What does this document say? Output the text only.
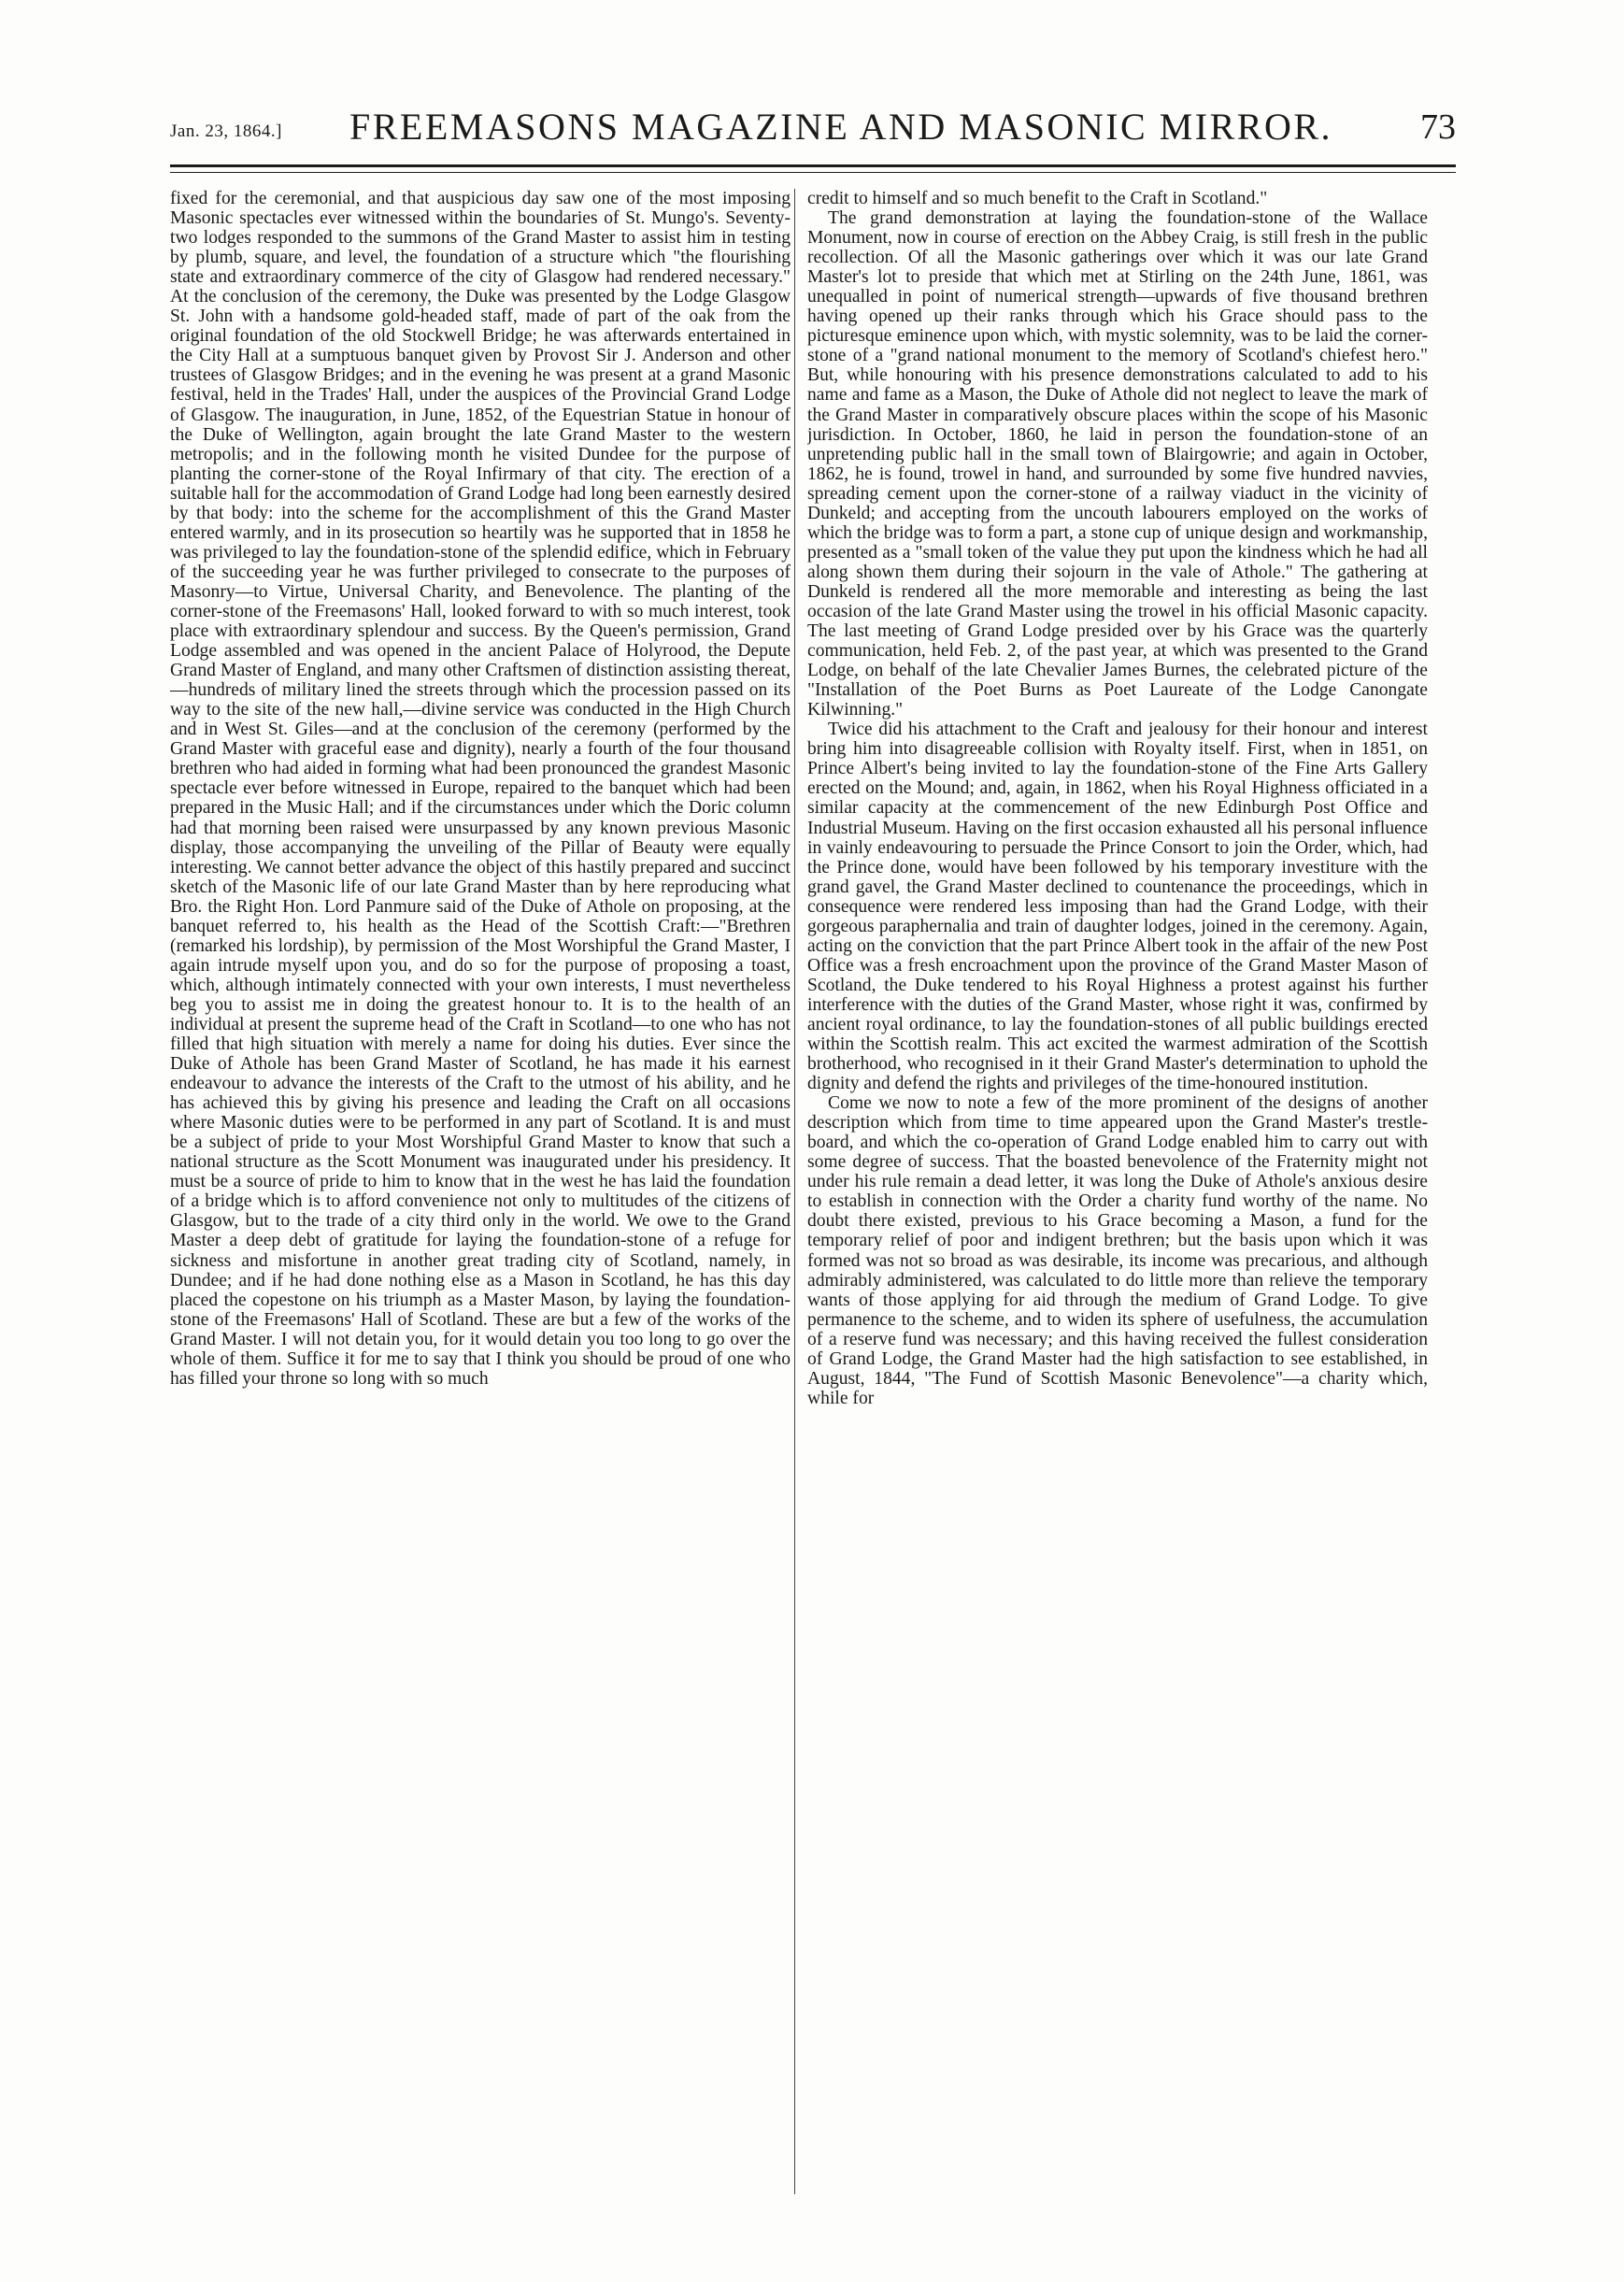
Jan. 23, 1864.]	FREEMASONS MAGAZINE AND MASONIC MIRROR.	73

fixed for the ceremonial, and that auspicious day saw one of the most imposing Masonic spectacles ever witnessed within the boundaries of St. Mungo's. Seventy-two lodges responded to the summons of the Grand Master to assist him in testing by plumb, square, and level, the foundation of a structure which "the flourishing state and extraordinary commerce of the city of Glasgow had rendered necessary." At the conclusion of the ceremony, the Duke was presented by the Lodge Glasgow St. John with a handsome gold-headed staff, made of part of the oak from the original foundation of the old Stockwell Bridge; he was afterwards entertained in the City Hall at a sumptuous banquet given by Provost Sir J. Anderson and other trustees of Glasgow Bridges; and in the evening he was present at a grand Masonic festival, held in the Trades' Hall, under the auspices of the Provincial Grand Lodge of Glasgow. The inauguration, in June, 1852, of the Equestrian Statue in honour of the Duke of Wellington, again brought the late Grand Master to the western metropolis; and in the following month he visited Dundee for the purpose of planting the corner-stone of the Royal Infirmary of that city. The erection of a suitable hall for the accommodation of Grand Lodge had long been earnestly desired by that body: into the scheme for the accomplishment of this the Grand Master entered warmly, and in its prosecution so heartily was he supported that in 1858 he was privileged to lay the foundation-stone of the splendid edifice, which in February of the succeeding year he was further privileged to consecrate to the purposes of Masonry—to Virtue, Universal Charity, and Benevolence. The planting of the corner-stone of the Freemasons' Hall, looked forward to with so much interest, took place with extraordinary splendour and success. By the Queen's permission, Grand Lodge assembled and was opened in the ancient Palace of Holyrood, the Depute Grand Master of England, and many other Craftsmen of distinction assisting thereat,—hundreds of military lined the streets through which the procession passed on its way to the site of the new hall,—divine service was conducted in the High Church and in West St. Giles—and at the conclusion of the ceremony (performed by the Grand Master with graceful ease and dignity), nearly a fourth of the four thousand brethren who had aided in forming what had been pronounced the grandest Masonic spectacle ever before witnessed in Europe, repaired to the banquet which had been prepared in the Music Hall; and if the circumstances under which the Doric column had that morning been raised were unsurpassed by any known previous Masonic display, those accompanying the unveiling of the Pillar of Beauty were equally interesting. We cannot better advance the object of this hastily prepared and succinct sketch of the Masonic life of our late Grand Master than by here reproducing what Bro. the Right Hon. Lord Panmure said of the Duke of Athole on proposing, at the banquet referred to, his health as the Head of the Scottish Craft:—"Brethren (remarked his lordship), by permission of the Most Worshipful the Grand Master, I again intrude myself upon you, and do so for the purpose of proposing a toast, which, although intimately connected with your own interests, I must nevertheless beg you to assist me in doing the greatest honour to. It is to the health of an individual at present the supreme head of the Craft in Scotland—to one who has not filled that high situation with merely a name for doing his duties. Ever since the Duke of Athole has been Grand Master of Scotland, he has made it his earnest endeavour to advance the interests of the Craft to the utmost of his ability, and he has achieved this by giving his presence and leading the Craft on all occasions where Masonic duties were to be performed in any part of Scotland. It is and must be a subject of pride to your Most Worshipful Grand Master to know that such a national structure as the Scott Monument was inaugurated under his presidency. It must be a source of pride to him to know that in the west he has laid the foundation of a bridge which is to afford convenience not only to multitudes of the citizens of Glasgow, but to the trade of a city third only in the world. We owe to the Grand Master a deep debt of gratitude for laying the foundation-stone of a refuge for sickness and misfortune in another great trading city of Scotland, namely, in Dundee; and if he had done nothing else as a Mason in Scotland, he has this day placed the copestone on his triumph as a Master Mason, by laying the foundation-stone of the Freemasons' Hall of Scotland. These are but a few of the works of the Grand Master. I will not detain you, for it would detain you too long to go over the whole of them. Suffice it for me to say that I think you should be proud of one who has filled your throne so long with so much

credit to himself and so much benefit to the Craft in Scotland."

The grand demonstration at laying the foundation-stone of the Wallace Monument, now in course of erection on the Abbey Craig, is still fresh in the public recollection. Of all the Masonic gatherings over which it was our late Grand Master's lot to preside that which met at Stirling on the 24th June, 1861, was unequalled in point of numerical strength—upwards of five thousand brethren having opened up their ranks through which his Grace should pass to the picturesque eminence upon which, with mystic solemnity, was to be laid the corner-stone of a "grand national monument to the memory of Scotland's chiefest hero." But, while honouring with his presence demonstrations calculated to add to his name and fame as a Mason, the Duke of Athole did not neglect to leave the mark of the Grand Master in comparatively obscure places within the scope of his Masonic jurisdiction. In October, 1860, he laid in person the foundation-stone of an unpretending public hall in the small town of Blairgowrie; and again in October, 1862, he is found, trowel in hand, and surrounded by some five hundred navvies, spreading cement upon the corner-stone of a railway viaduct in the vicinity of Dunkeld; and accepting from the uncouth labourers employed on the works of which the bridge was to form a part, a stone cup of unique design and workmanship, presented as a "small token of the value they put upon the kindness which he had all along shown them during their sojourn in the vale of Athole." The gathering at Dunkeld is rendered all the more memorable and interesting as being the last occasion of the late Grand Master using the trowel in his official Masonic capacity. The last meeting of Grand Lodge presided over by his Grace was the quarterly communication, held Feb. 2, of the past year, at which was presented to the Grand Lodge, on behalf of the late Chevalier James Burnes, the celebrated picture of the "Installation of the Poet Burns as Poet Laureate of the Lodge Canongate Kilwinning."

Twice did his attachment to the Craft and jealousy for their honour and interest bring him into disagreeable collision with Royalty itself. First, when in 1851, on Prince Albert's being invited to lay the foundation-stone of the Fine Arts Gallery erected on the Mound; and, again, in 1862, when his Royal Highness officiated in a similar capacity at the commencement of the new Edinburgh Post Office and Industrial Museum. Having on the first occasion exhausted all his personal influence in vainly endeavouring to persuade the Prince Consort to join the Order, which, had the Prince done, would have been followed by his temporary investiture with the grand gavel, the Grand Master declined to countenance the proceedings, which in consequence were rendered less imposing than had the Grand Lodge, with their gorgeous paraphernalia and train of daughter lodges, joined in the ceremony. Again, acting on the conviction that the part Prince Albert took in the affair of the new Post Office was a fresh encroachment upon the province of the Grand Master Mason of Scotland, the Duke tendered to his Royal Highness a protest against his further interference with the duties of the Grand Master, whose right it was, confirmed by ancient royal ordinance, to lay the foundation-stones of all public buildings erected within the Scottish realm. This act excited the warmest admiration of the Scottish brotherhood, who recognised in it their Grand Master's determination to uphold the dignity and defend the rights and privileges of the time-honoured institution.

Come we now to note a few of the more prominent of the designs of another description which from time to time appeared upon the Grand Master's trestle-board, and which the co-operation of Grand Lodge enabled him to carry out with some degree of success. That the boasted benevolence of the Fraternity might not under his rule remain a dead letter, it was long the Duke of Athole's anxious desire to establish in connection with the Order a charity fund worthy of the name. No doubt there existed, previous to his Grace becoming a Mason, a fund for the temporary relief of poor and indigent brethren; but the basis upon which it was formed was not so broad as was desirable, its income was precarious, and although admirably administered, was calculated to do little more than relieve the temporary wants of those applying for aid through the medium of Grand Lodge. To give permanence to the scheme, and to widen its sphere of usefulness, the accumulation of a reserve fund was necessary; and this having received the fullest consideration of Grand Lodge, the Grand Master had the high satisfaction to see established, in August, 1844, "The Fund of Scottish Masonic Benevolence"—a charity which, while for
